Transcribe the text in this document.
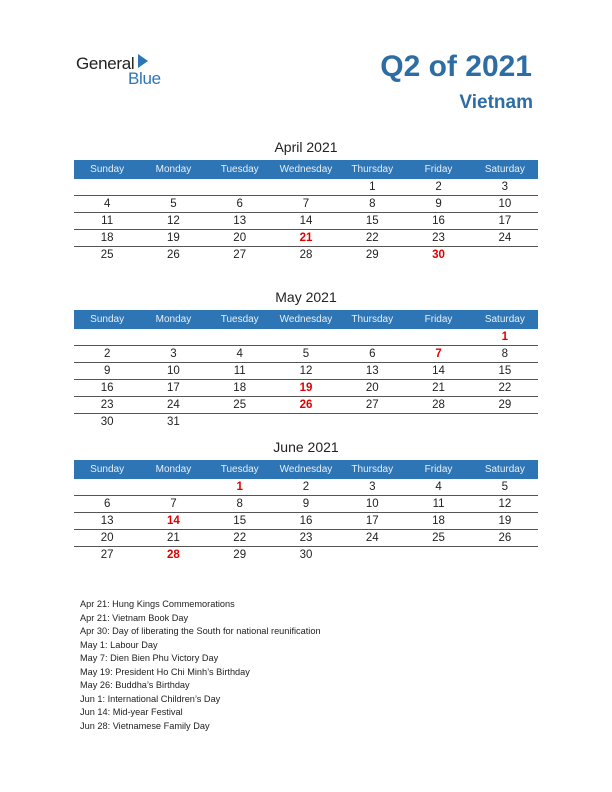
General
Blue	Q2 of 2021
Vietnam
April 2021
Sunday	Monday	Tuesday	Wednesday	Thursday	Friday	Saturday
				1	2	3
4	5	6	7	8	9	10
11	12	13	14	15	16	17
18	19	20	21	22	23	24
25	26	27	28	29	30	
May 2021
Sunday	Monday	Tuesday	Wednesday	Thursday	Friday	Saturday
						1
2	3	4	5	6	7	8
9	10	11	12	13	14	15
16	17	18	19	20	21	22
23	24	25	26	27	28	29
30	31					
June 2021
Sunday	Monday	Tuesday	Wednesday	Thursday	Friday	Saturday
		1	2	3	4	5
6	7	8	9	10	11	12
13	14	15	16	17	18	19
20	21	22	23	24	25	26
27	28	29	30			
Apr 21: Hung Kings Commemorations
Apr 21: Vietnam Book Day
Apr 30: Day of liberating the South for national reunification
May 1: Labour Day
May 7: Dien Bien Phu Victory Day
May 19: President Ho Chi Minh’s Birthday
May 26: Buddha’s Birthday
Jun 1: International Children’s Day
Jun 14: Mid-year Festival
Jun 28: Vietnamese Family Day
